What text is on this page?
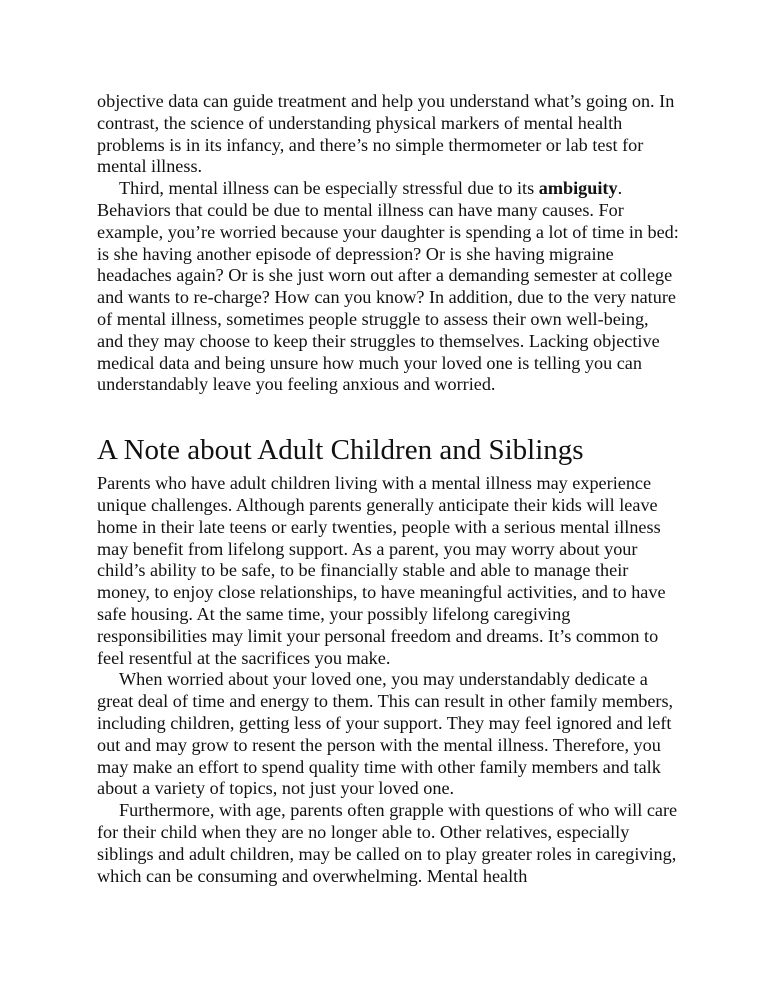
objective data can guide treatment and help you understand what’s going on. In contrast, the science of understanding physical markers of mental health problems is in its infancy, and there’s no simple thermometer or lab test for mental illness.

Third, mental illness can be especially stressful due to its ambiguity. Behaviors that could be due to mental illness can have many causes. For example, you’re worried because your daughter is spending a lot of time in bed: is she having another episode of depression? Or is she having migraine headaches again? Or is she just worn out after a demanding semester at college and wants to re-charge? How can you know? In addition, due to the very nature of mental illness, sometimes people struggle to assess their own well-being, and they may choose to keep their struggles to themselves. Lacking objective medical data and being unsure how much your loved one is telling you can understandably leave you feeling anxious and worried.

A Note about Adult Children and Siblings

Parents who have adult children living with a mental illness may experience unique challenges. Although parents generally anticipate their kids will leave home in their late teens or early twenties, people with a serious mental illness may benefit from lifelong support. As a parent, you may worry about your child’s ability to be safe, to be financially stable and able to manage their money, to enjoy close relationships, to have meaningful activities, and to have safe housing. At the same time, your possibly lifelong caregiving responsibilities may limit your personal freedom and dreams. It’s common to feel resentful at the sacrifices you make.

When worried about your loved one, you may understandably dedicate a great deal of time and energy to them. This can result in other family members, including children, getting less of your support. They may feel ignored and left out and may grow to resent the person with the mental illness. Therefore, you may make an effort to spend quality time with other family members and talk about a variety of topics, not just your loved one.

Furthermore, with age, parents often grapple with questions of who will care for their child when they are no longer able to. Other relatives, especially siblings and adult children, may be called on to play greater roles in caregiving, which can be consuming and overwhelming. Mental health
